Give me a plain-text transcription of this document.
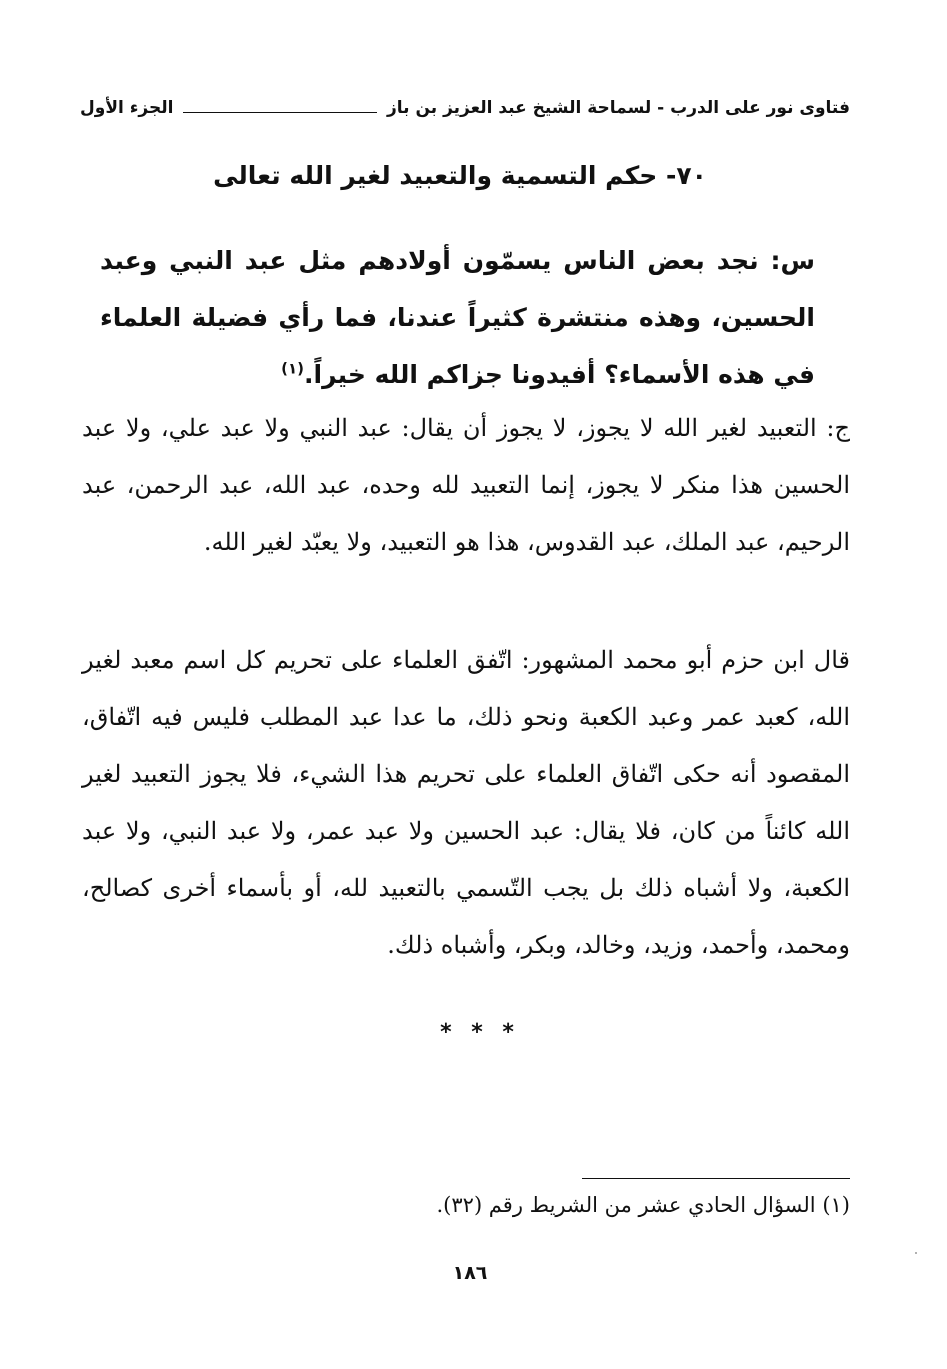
فتاوى نور على الدرب - لسماحة الشيخ عبد العزيز بن باز
الجزء الأول
٧٠- حكم التسمية والتعبيد لغير الله تعالى
س: نجد بعض الناس يسمّون أولادهم مثل عبد النبي وعبد الحسين، وهذه منتشرة كثيراً عندنا، فما رأي فضيلة العلماء في هذه الأسماء؟ أفيدونا جزاكم الله خيراً.$^{(١)}$
ج: التعبيد لغير الله لا يجوز، لا يجوز أن يقال: عبد النبي ولا عبد علي، ولا عبد الحسين هذا منكر لا يجوز، إنما التعبيد لله وحده، عبد الله، عبد الرحمن، عبد الرحيم، عبد الملك، عبد القدوس، هذا هو التعبيد، ولا يعبّد لغير الله.
قال ابن حزم أبو محمد المشهور: اتّفق العلماء على تحريم كل اسم معبد لغير الله، كعبد عمر وعبد الكعبة ونحو ذلك، ما عدا عبد المطلب فليس فيه اتّفاق، المقصود أنه حكى اتّفاق العلماء على تحريم هذا الشيء، فلا يجوز التعبيد لغير الله كائناً من كان، فلا يقال: عبد الحسين ولا عبد عمر، ولا عبد النبي، ولا عبد الكعبة، ولا أشباه ذلك بل يجب التّسمي بالتعبيد لله، أو بأسماء أخرى كصالح، ومحمد، وأحمد، وزيد، وخالد، وبكر، وأشباه ذلك.
* * *
(١) السؤال الحادي عشر من الشريط رقم (٣٢).
١٨٦
